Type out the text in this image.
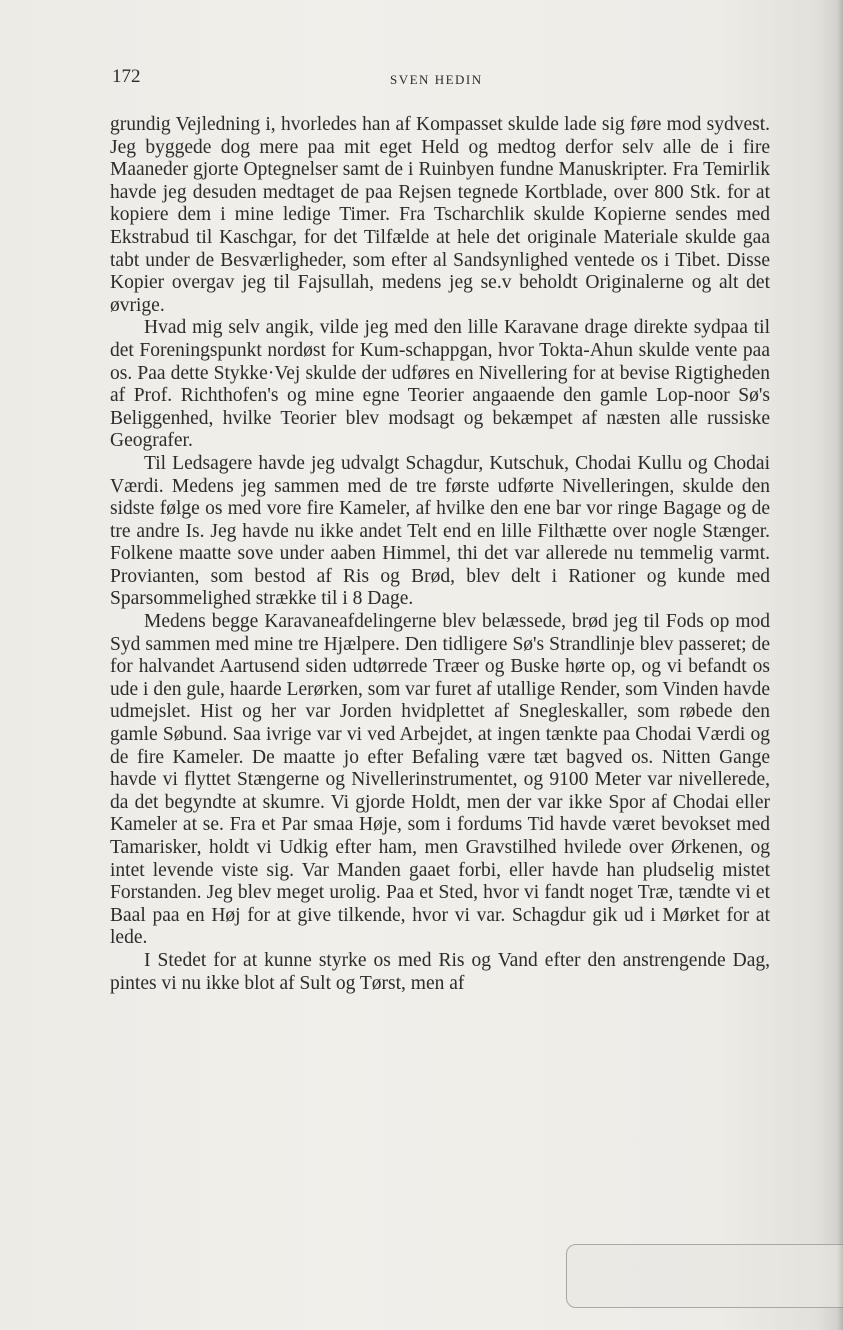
172	SVEN HEDIN

grundig Vejledning i, hvorledes han af Kompasset skulde lade sig føre mod sydvest. Jeg byggede dog mere paa mit eget Held og medtog derfor selv alle de i fire Maaneder gjorte Optegnelser samt de i Ruinbyen fundne Manuskripter. Fra Temirlik havde jeg desuden medtaget de paa Rejsen tegnede Kortblade, over 800 Stk. for at kopiere dem i mine ledige Timer. Fra Tscharchlik skulde Kopierne sendes med Ekstrabud til Kaschgar, for det Tilfælde at hele det originale Materiale skulde gaa tabt under de Besværligheder, som efter al Sandsynlighed ventede os i Tibet. Disse Kopier overgav jeg til Fajsullah, medens jeg se.v beholdt Originalerne og alt det øvrige.

Hvad mig selv angik, vilde jeg med den lille Karavane drage direkte sydpaa til det Foreningspunkt nordøst for Kum-schappgan, hvor Tokta-Ahun skulde vente paa os. Paa dette Stykke·Vej skulde der udføres en Nivellering for at bevise Rigtigheden af Prof. Richthofen's og mine egne Teorier angaaende den gamle Lop-noor Sø's Beliggenhed, hvilke Teorier blev modsagt og bekæmpet af næsten alle russiske Geografer.

Til Ledsagere havde jeg udvalgt Schagdur, Kutschuk, Chodai Kullu og Chodai Værdi. Medens jeg sammen med de tre første udførte Nivelleringen, skulde den sidste følge os med vore fire Kameler, af hvilke den ene bar vor ringe Bagage og de tre andre Is. Jeg havde nu ikke andet Telt end en lille Filthætte over nogle Stænger. Folkene maatte sove under aaben Himmel, thi det var allerede nu temmelig varmt. Provianten, som bestod af Ris og Brød, blev delt i Rationer og kunde med Sparsommelighed strække til i 8 Dage.

Medens begge Karavaneafdelingerne blev belæssede, brød jeg til Fods op mod Syd sammen med mine tre Hjælpere. Den tidligere Sø's Strandlinje blev passeret; de for halvandet Aartusend siden udtørrede Træer og Buske hørte op, og vi befandt os ude i den gule, haarde Lerørken, som var furet af utallige Render, som Vinden havde udmejslet. Hist og her var Jorden hvidplettet af Snegleskaller, som røbede den gamle Søbund. Saa ivrige var vi ved Arbejdet, at ingen tænkte paa Chodai Værdi og de fire Kameler. De maatte jo efter Befaling være tæt bagved os. Nitten Gange havde vi flyttet Stængerne og Nivellerinstrumentet, og 9100 Meter var nivellerede, da det begyndte at skumre. Vi gjorde Holdt, men der var ikke Spor af Chodai eller Kameler at se. Fra et Par smaa Høje, som i fordums Tid havde været bevokset med Tamarisker, holdt vi Udkig efter ham, men Gravstilhed hvilede over Ørkenen, og intet levende viste sig. Var Manden gaaet forbi, eller havde han pludselig mistet Forstanden. Jeg blev meget urolig. Paa et Sted, hvor vi fandt noget Træ, tændte vi et Baal paa en Høj for at give tilkende, hvor vi var. Schagdur gik ud i Mørket for at lede.

I Stedet for at kunne styrke os med Ris og Vand efter den anstrengende Dag, pintes vi nu ikke blot af Sult og Tørst, men af
